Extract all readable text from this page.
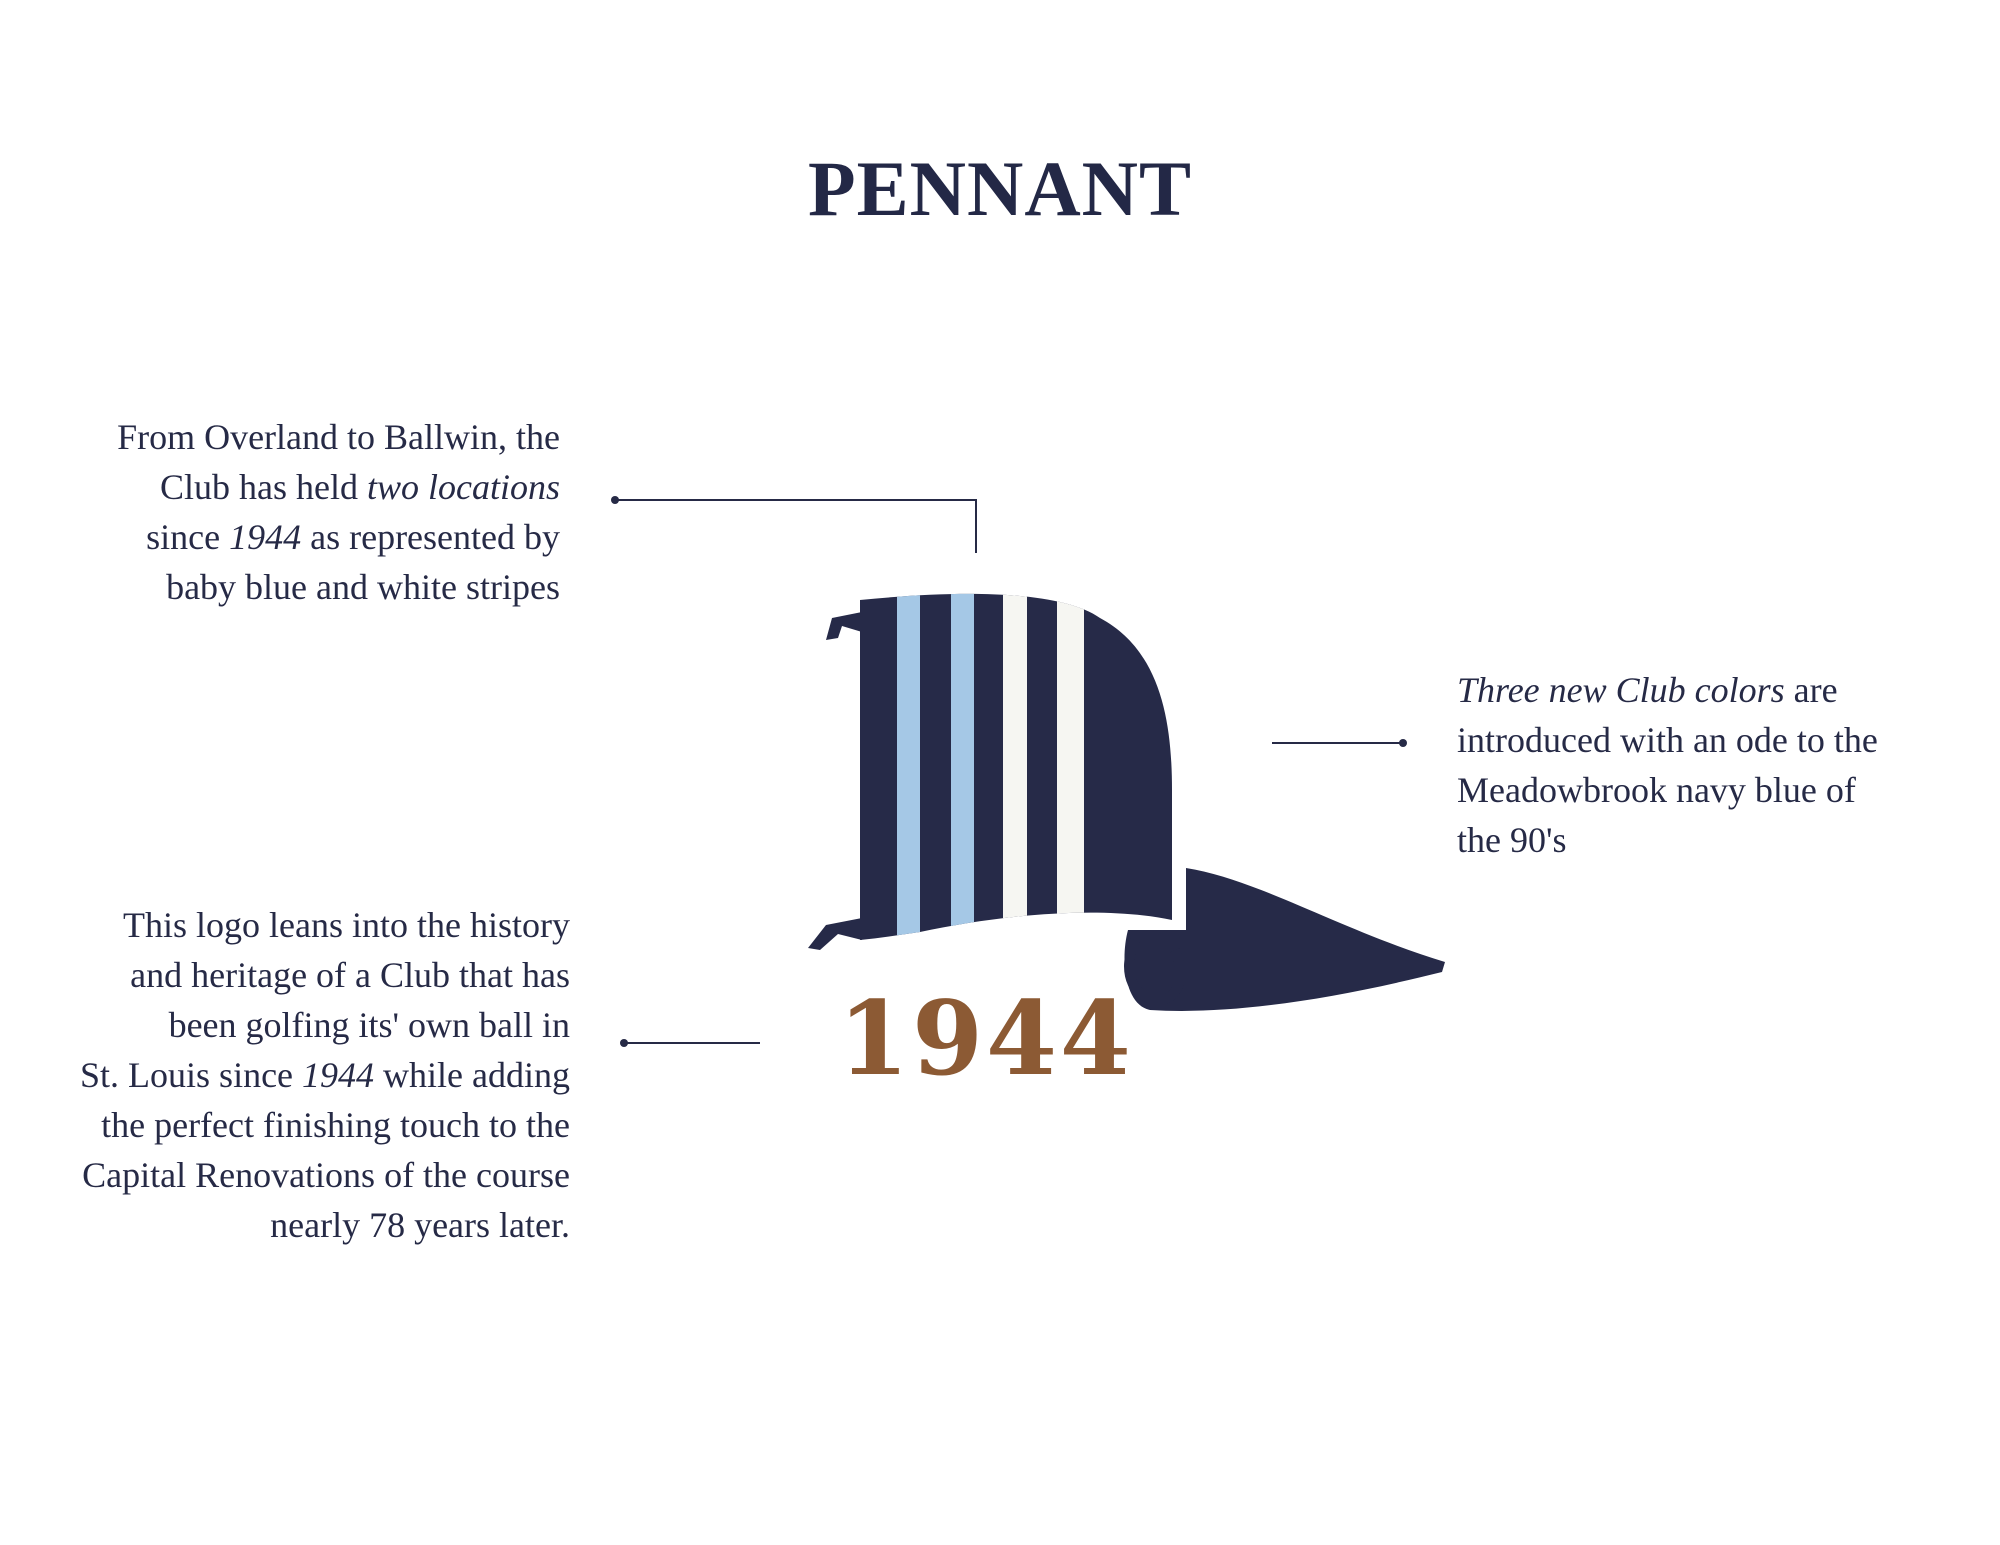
PENNANT
From Overland to Ballwin, the
Club has held two locations
since 1944 as represented by
baby blue and white stripes
This logo leans into the history
and heritage of a Club that has
been golfing its' own ball in
St. Louis since 1944 while adding
the perfect finishing touch to the
Capital Renovations of the course
nearly 78 years later.
Three new Club colors are
introduced with an ode to the
Meadowbrook navy blue of
the 90's
1944
